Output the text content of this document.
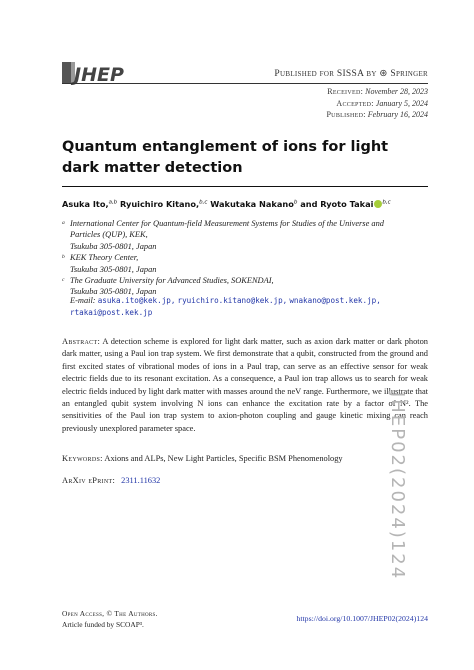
JHEP	Published for SISSA by ⊛ Springer
Received: November 28, 2023
Accepted: January 5, 2024
Published: February 16, 2024
Quantum entanglement of ions for light dark matter detection
Asuka Ito,$^{a,b}$ Ryuichiro Kitano,$^{b,c}$ Wakutaka Nakano$^b$ and Ryoto Takai $^{b,c}$
a International Center for Quantum-field Measurement Systems for Studies of the Universe and
Particles (QUP), KEK,
Tsukuba 305-0801, Japan
b KEK Theory Center,
Tsukuba 305-0801, Japan
c The Graduate University for Advanced Studies, SOKENDAI,
Tsukuba 305-0801, Japan
E-mail: asuka.ito@kek.jp, ryuichiro.kitano@kek.jp, wnakano@post.kek.jp,
rtakai@post.kek.jp
Abstract: A detection scheme is explored for light dark matter, such as axion dark matter or dark photon dark matter, using a Paul ion trap system. We first demonstrate that a qubit, constructed from the ground and first excited states of vibrational modes of ions in a Paul trap, can serve as an effective sensor for weak electric fields due to its resonant excitation. As a consequence, a Paul ion trap allows us to search for weak electric fields induced by light dark matter with masses around the neV range. Furthermore, we illustrate that an entangled qubit system involving N ions can enhance the excitation rate by a factor of N². The sensitivities of the Paul ion trap system to axion-photon coupling and gauge kinetic mixing can reach previously unexplored parameter space.
Keywords: Axions and ALPs, New Light Particles, Specific BSM Phenomenology
ArXiv ePrint: 2311.11632
Open Access, © The Authors.
Article funded by SCOAP³.
https://doi.org/10.1007/JHEP02(2024)124
JHEP02(2024)124
